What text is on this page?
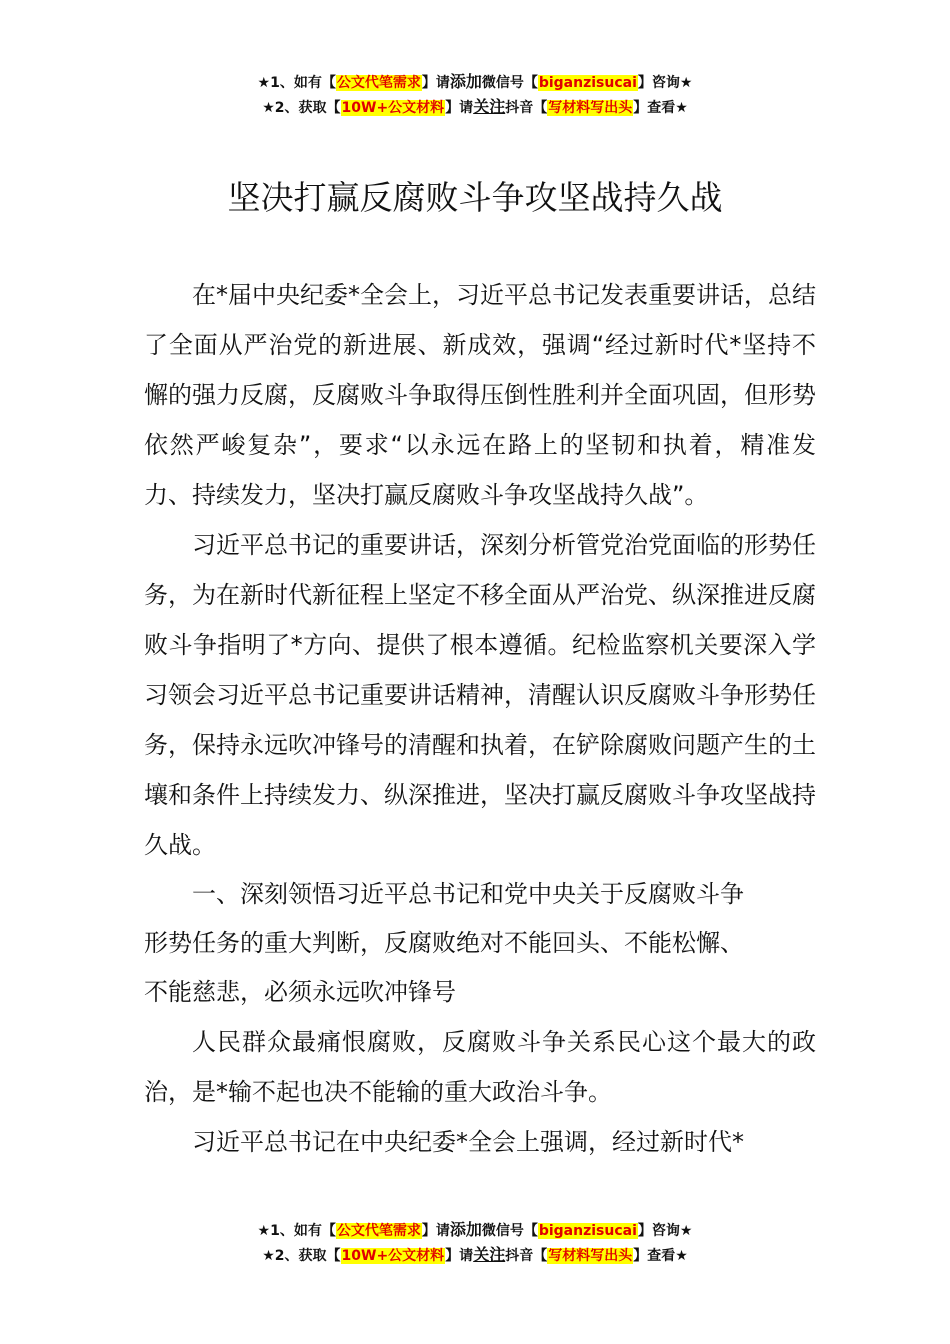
★1、如有【公文代笔需求】请添加微信号【biganzisucai】咨询★
★2、获取【10W+公文材料】请关注抖音【写材料写出头】查看★
坚决打赢反腐败斗争攻坚战持久战

在*届中央纪委*全会上，习近平总书记发表重要讲话，总结了全面从严治党的新进展、新成效，强调“经过新时代*坚持不懈的强力反腐，反腐败斗争取得压倒性胜利并全面巩固，但形势依然严峻复杂”，要求“以永远在路上的坚韧和执着，精准发力、持续发力，坚决打赢反腐败斗争攻坚战持久战”。

习近平总书记的重要讲话，深刻分析管党治党面临的形势任务，为在新时代新征程上坚定不移全面从严治党、纵深推进反腐败斗争指明了*方向、提供了根本遵循。纪检监察机关要深入学习领会习近平总书记重要讲话精神，清醒认识反腐败斗争形势任务，保持永远吹冲锋号的清醒和执着，在铲除腐败问题产生的土壤和条件上持续发力、纵深推进，坚决打赢反腐败斗争攻坚战持久战。

一、深刻领悟习近平总书记和党中央关于反腐败斗争
形势任务的重大判断，反腐败绝对不能回头、不能松懈、
不能慈悲，必须永远吹冲锋号

人民群众最痛恨腐败，反腐败斗争关系民心这个最大的政治，是*输不起也决不能输的重大政治斗争。

习近平总书记在中央纪委*全会上强调，经过新时代*

★1、如有【公文代笔需求】请添加微信号【biganzisucai】咨询★
★2、获取【10W+公文材料】请关注抖音【写材料写出头】查看★
